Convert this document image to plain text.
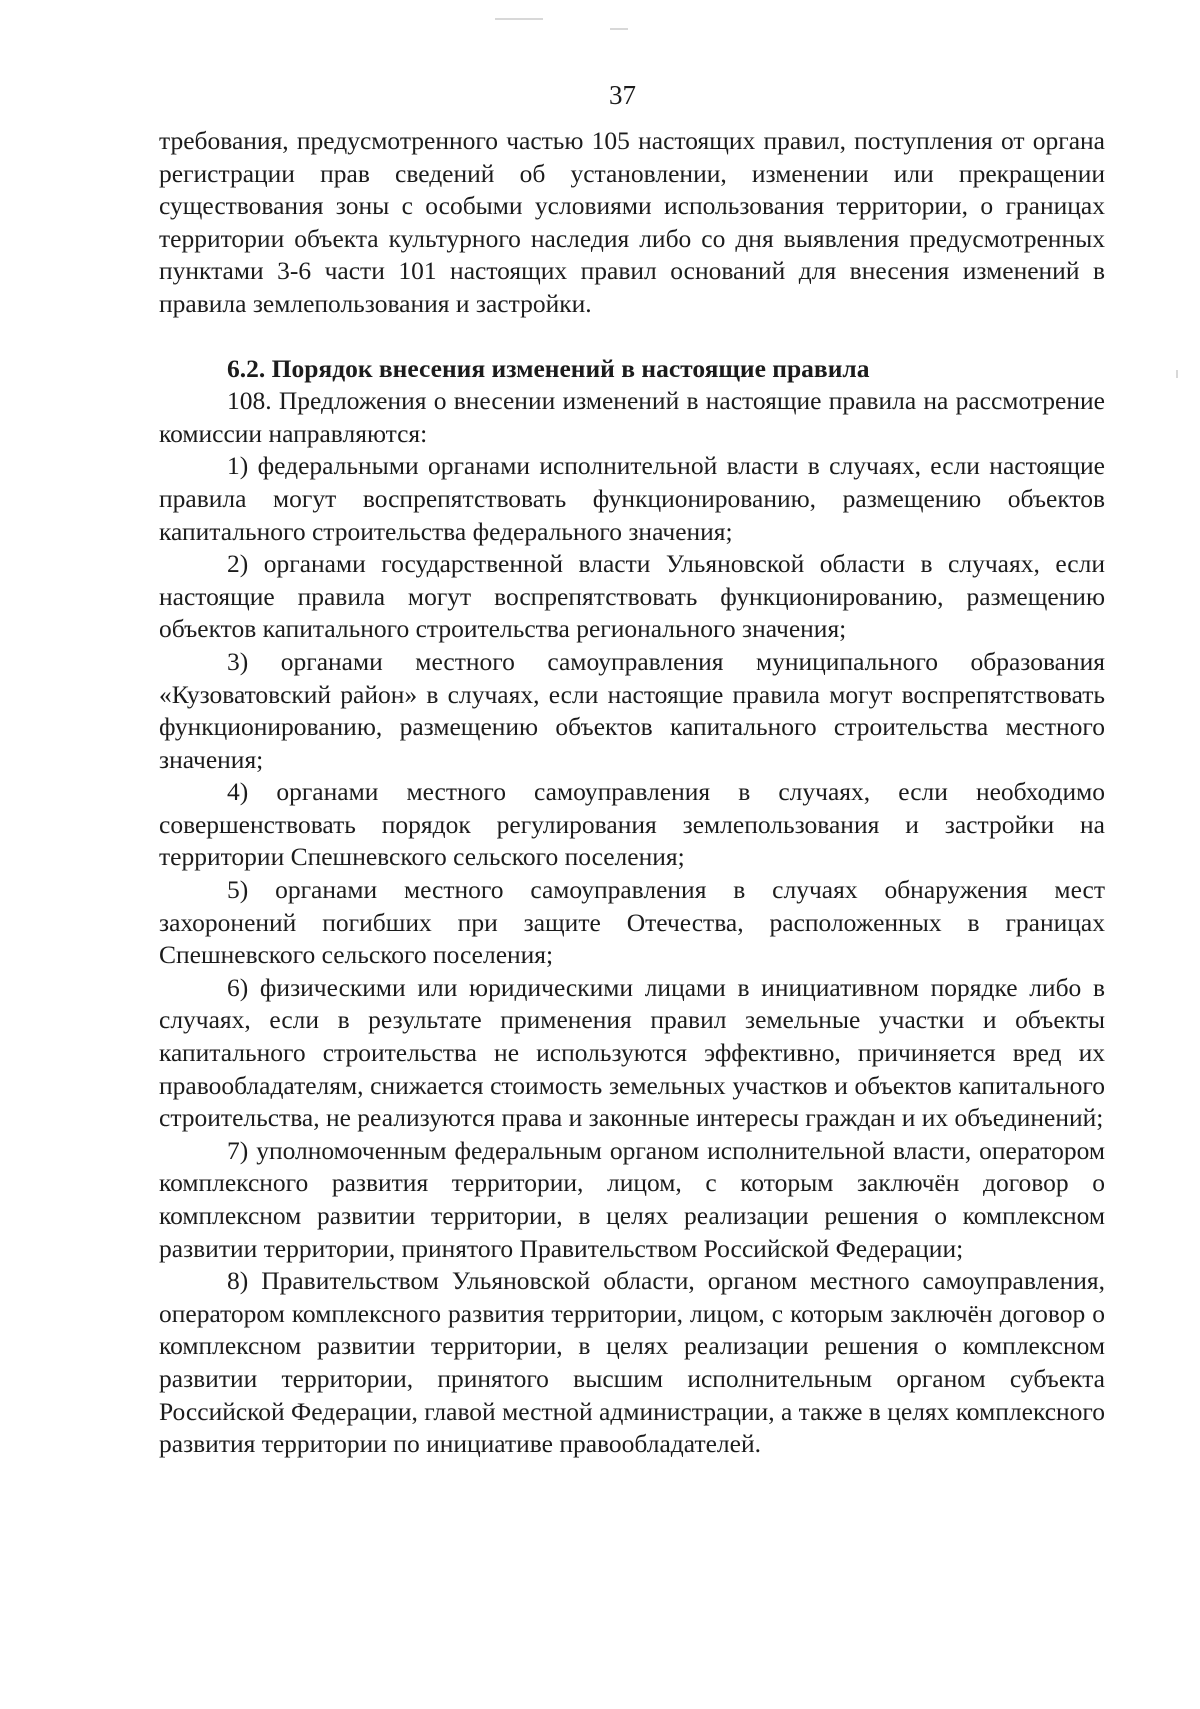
37

требования, предусмотренного частью 105 настоящих правил, поступления от органа регистрации прав сведений об установлении, изменении или прекращении существования зоны с особыми условиями использования территории, о границах территории объекта культурного наследия либо со дня выявления предусмотренных пунктами 3-6 части 101 настоящих правил оснований для внесения изменений в правила землепользования и застройки.

6.2. Порядок внесения изменений в настоящие правила

108. Предложения о внесении изменений в настоящие правила на рассмотрение комиссии направляются:

1) федеральными органами исполнительной власти в случаях, если настоящие правила могут воспрепятствовать функционированию, размещению объектов капитального строительства федерального значения;

2) органами государственной власти Ульяновской области в случаях, если настоящие правила могут воспрепятствовать функционированию, размещению объектов капитального строительства регионального значения;

3) органами местного самоуправления муниципального образования «Кузоватовский район» в случаях, если настоящие правила могут воспрепятствовать функционированию, размещению объектов капитального строительства местного значения;

4) органами местного самоуправления в случаях, если необходимо совершенствовать порядок регулирования землепользования и застройки на территории Спешневского сельского поселения;

5) органами местного самоуправления в случаях обнаружения мест захоронений погибших при защите Отечества, расположенных в границах Спешневского сельского поселения;

6) физическими или юридическими лицами в инициативном порядке либо в случаях, если в результате применения правил земельные участки и объекты капитального строительства не используются эффективно, причиняется вред их правообладателям, снижается стоимость земельных участков и объектов капитального строительства, не реализуются права и законные интересы граждан и их объединений;

7) уполномоченным федеральным органом исполнительной власти, оператором комплексного развития территории, лицом, с которым заключён договор о комплексном развитии территории, в целях реализации решения о комплексном развитии территории, принятого Правительством Российской Федерации;

8) Правительством Ульяновской области, органом местного самоуправления, оператором комплексного развития территории, лицом, с которым заключён договор о комплексном развитии территории, в целях реализации решения о комплексном развитии территории, принятого высшим исполнительным органом субъекта Российской Федерации, главой местной администрации, а также в целях комплексного развития территории по инициативе правообладателей.
